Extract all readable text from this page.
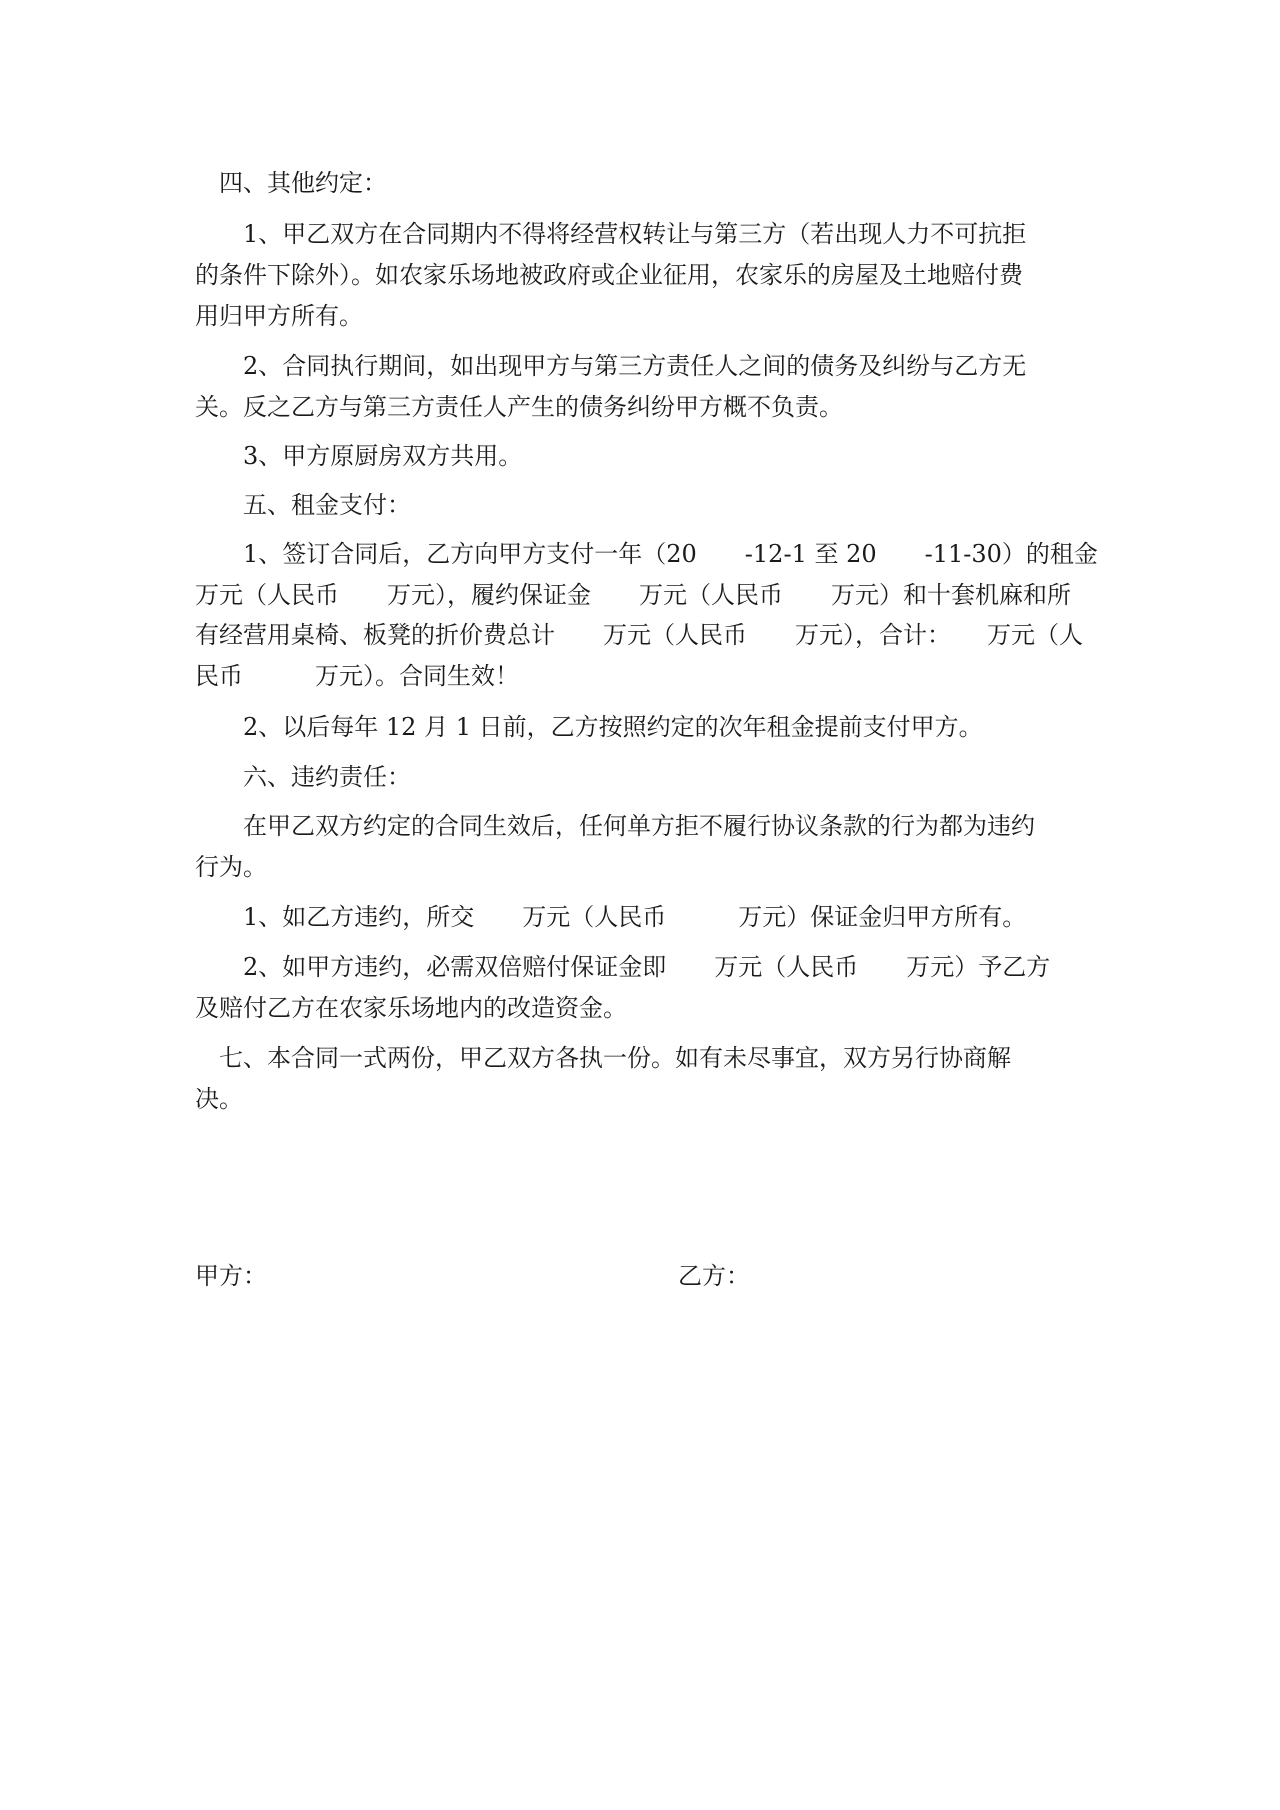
　四、其他约定：
　　1、甲乙双方在合同期内不得将经营权转让与第三方（若出现人力不可抗拒
的条件下除外）。如农家乐场地被政府或企业征用，农家乐的房屋及土地赔付费
用归甲方所有。
　　2、合同执行期间，如出现甲方与第三方责任人之间的债务及纠纷与乙方无
关。反之乙方与第三方责任人产生的债务纠纷甲方概不负责。
　　3、甲方原厨房双方共用。
　　五、租金支付：
　　1、签订合同后，乙方向甲方支付一年（20　　-12-1 至 20　　-11-30）的租金
万元（人民币　　万元），履约保证金　　万元（人民币　　万元）和十套机麻和所
有经营用桌椅、板凳的折价费总计　　万元（人民币　　万元），合计：　　万元（人
民币　　　万元）。合同生效！
　　2、以后每年 12 月 1 日前，乙方按照约定的次年租金提前支付甲方。
　　六、违约责任：
　　在甲乙双方约定的合同生效后，任何单方拒不履行协议条款的行为都为违约
行为。
　　1、如乙方违约，所交　　万元（人民币　　　万元）保证金归甲方所有。
　　2、如甲方违约，必需双倍赔付保证金即　　万元（人民币　　万元）予乙方
及赔付乙方在农家乐场地内的改造资金。
　七、本合同一式两份，甲乙双方各执一份。如有未尽事宜，双方另行协商解
决。
甲方：	乙方：
